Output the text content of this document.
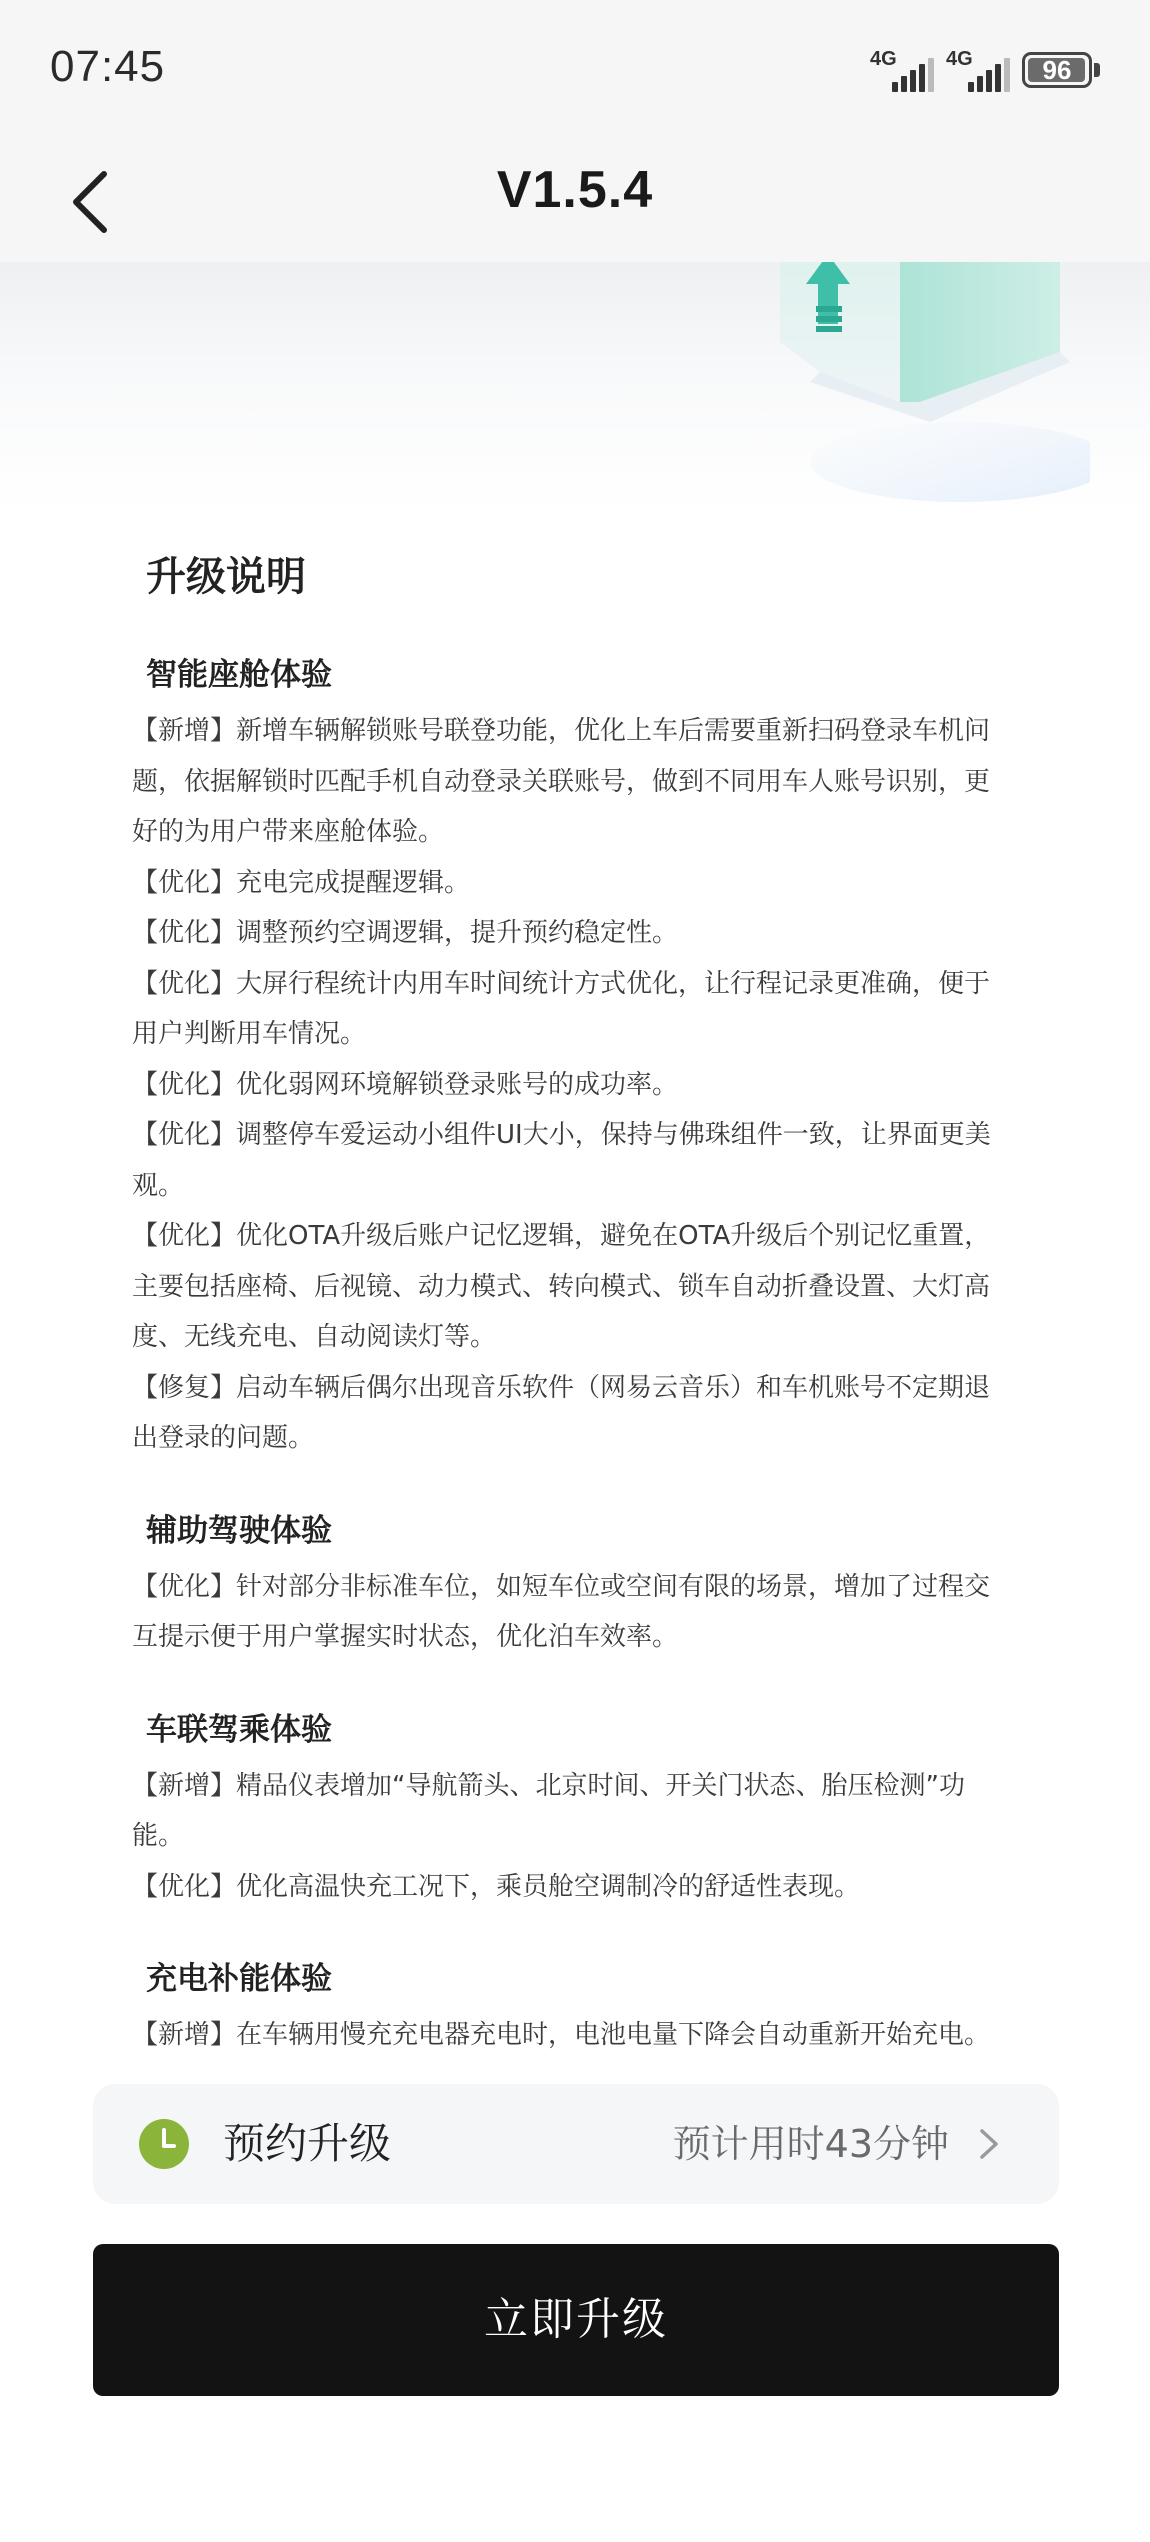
07:45	4G 4G	96
V1.5.4
升级说明
智能座舱体验

【新增】新增车辆解锁账号联登功能，优化上车后需要重新扫码登录车机问题，依据解锁时匹配手机自动登录关联账号，做到不同用车人账号识别，更好的为用户带来座舱体验。

【优化】充电完成提醒逻辑。

【优化】调整预约空调逻辑，提升预约稳定性。

【优化】大屏行程统计内用车时间统计方式优化，让行程记录更准确，便于用户判断用车情况。

【优化】优化弱网环境解锁登录账号的成功率。

【优化】调整停车爱运动小组件UI大小，保持与佛珠组件一致，让界面更美观。

【优化】优化OTA升级后账户记忆逻辑，避免在OTA升级后个别记忆重置，主要包括座椅、后视镜、动力模式、转向模式、锁车自动折叠设置、大灯高度、无线充电、自动阅读灯等。

【修复】启动车辆后偶尔出现音乐软件（网易云音乐）和车机账号不定期退出登录的问题。

辅助驾驶体验

【优化】针对部分非标准车位，如短车位或空间有限的场景，增加了过程交互提示便于用户掌握实时状态，优化泊车效率。

车联驾乘体验

【新增】精品仪表增加“导航箭头、北京时间、开关门状态、胎压检测”功能。

【优化】优化高温快充工况下，乘员舱空调制冷的舒适性表现。

充电补能体验

【新增】在车辆用慢充充电器充电时，电池电量下降会自动重新开始充电。

预约升级	预计用时43分钟
立即升级
